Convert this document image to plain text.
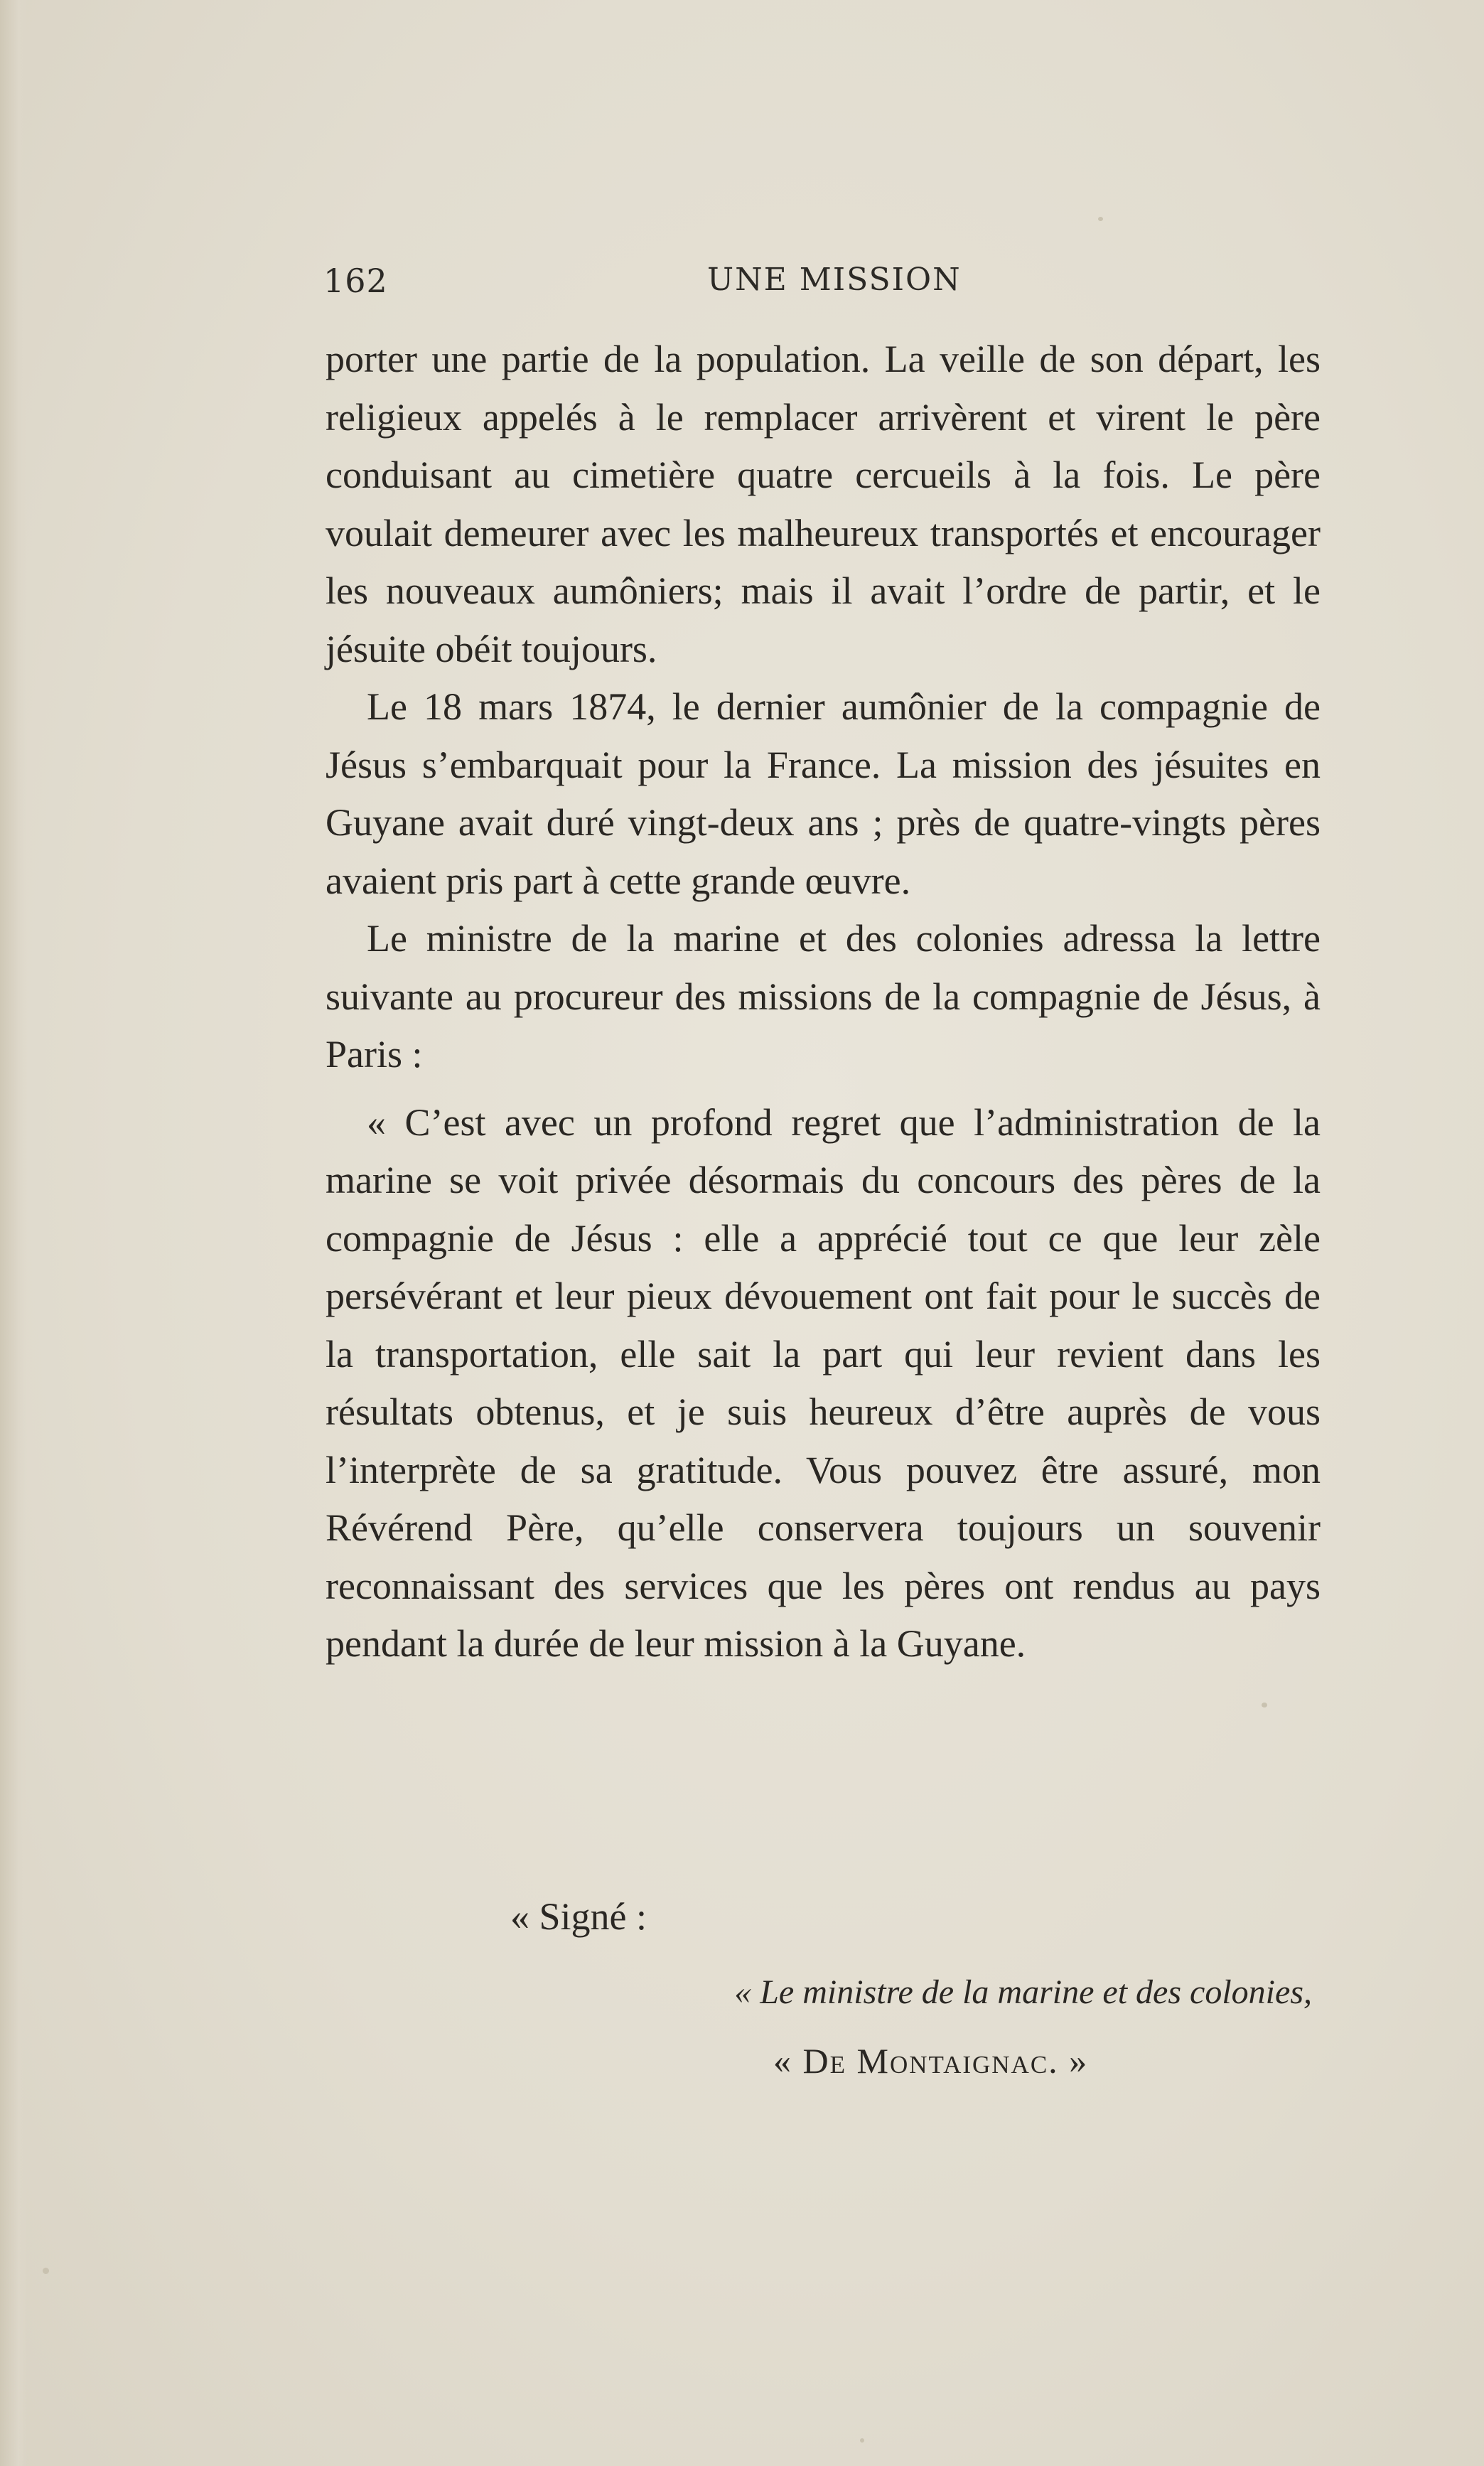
162	UNE MISSION

porter une partie de la population. La veille de son départ, les religieux appelés à le remplacer arrivèrent et virent le père conduisant au cimetière quatre cercueils à la fois. Le père voulait demeurer avec les malheureux transportés et encourager les nouveaux aumôniers; mais il avait l’ordre de partir, et le jésuite obéit toujours.

Le 18 mars 1874, le dernier aumônier de la compagnie de Jésus s’embarquait pour la France. La mission des jésuites en Guyane avait duré vingt-deux ans ; près de quatre-vingts pères avaient pris part à cette grande œuvre.

Le ministre de la marine et des colonies adressa la lettre suivante au procureur des missions de la compagnie de Jésus, à Paris :

« C’est avec un profond regret que l’administration de la marine se voit privée désormais du concours des pères de la compagnie de Jésus : elle a apprécié tout ce que leur zèle persévérant et leur pieux dévouement ont fait pour le succès de la transportation, elle sait la part qui leur revient dans les résultats obtenus, et je suis heureux d’être auprès de vous l’interprète de sa gratitude. Vous pouvez être assuré, mon Révérend Père, qu’elle conservera toujours un souvenir reconnaissant des services que les pères ont rendus au pays pendant la durée de leur mission à la Guyane.

« Signé :
« Le ministre de la marine et des colonies,
« De Montaignac. »
